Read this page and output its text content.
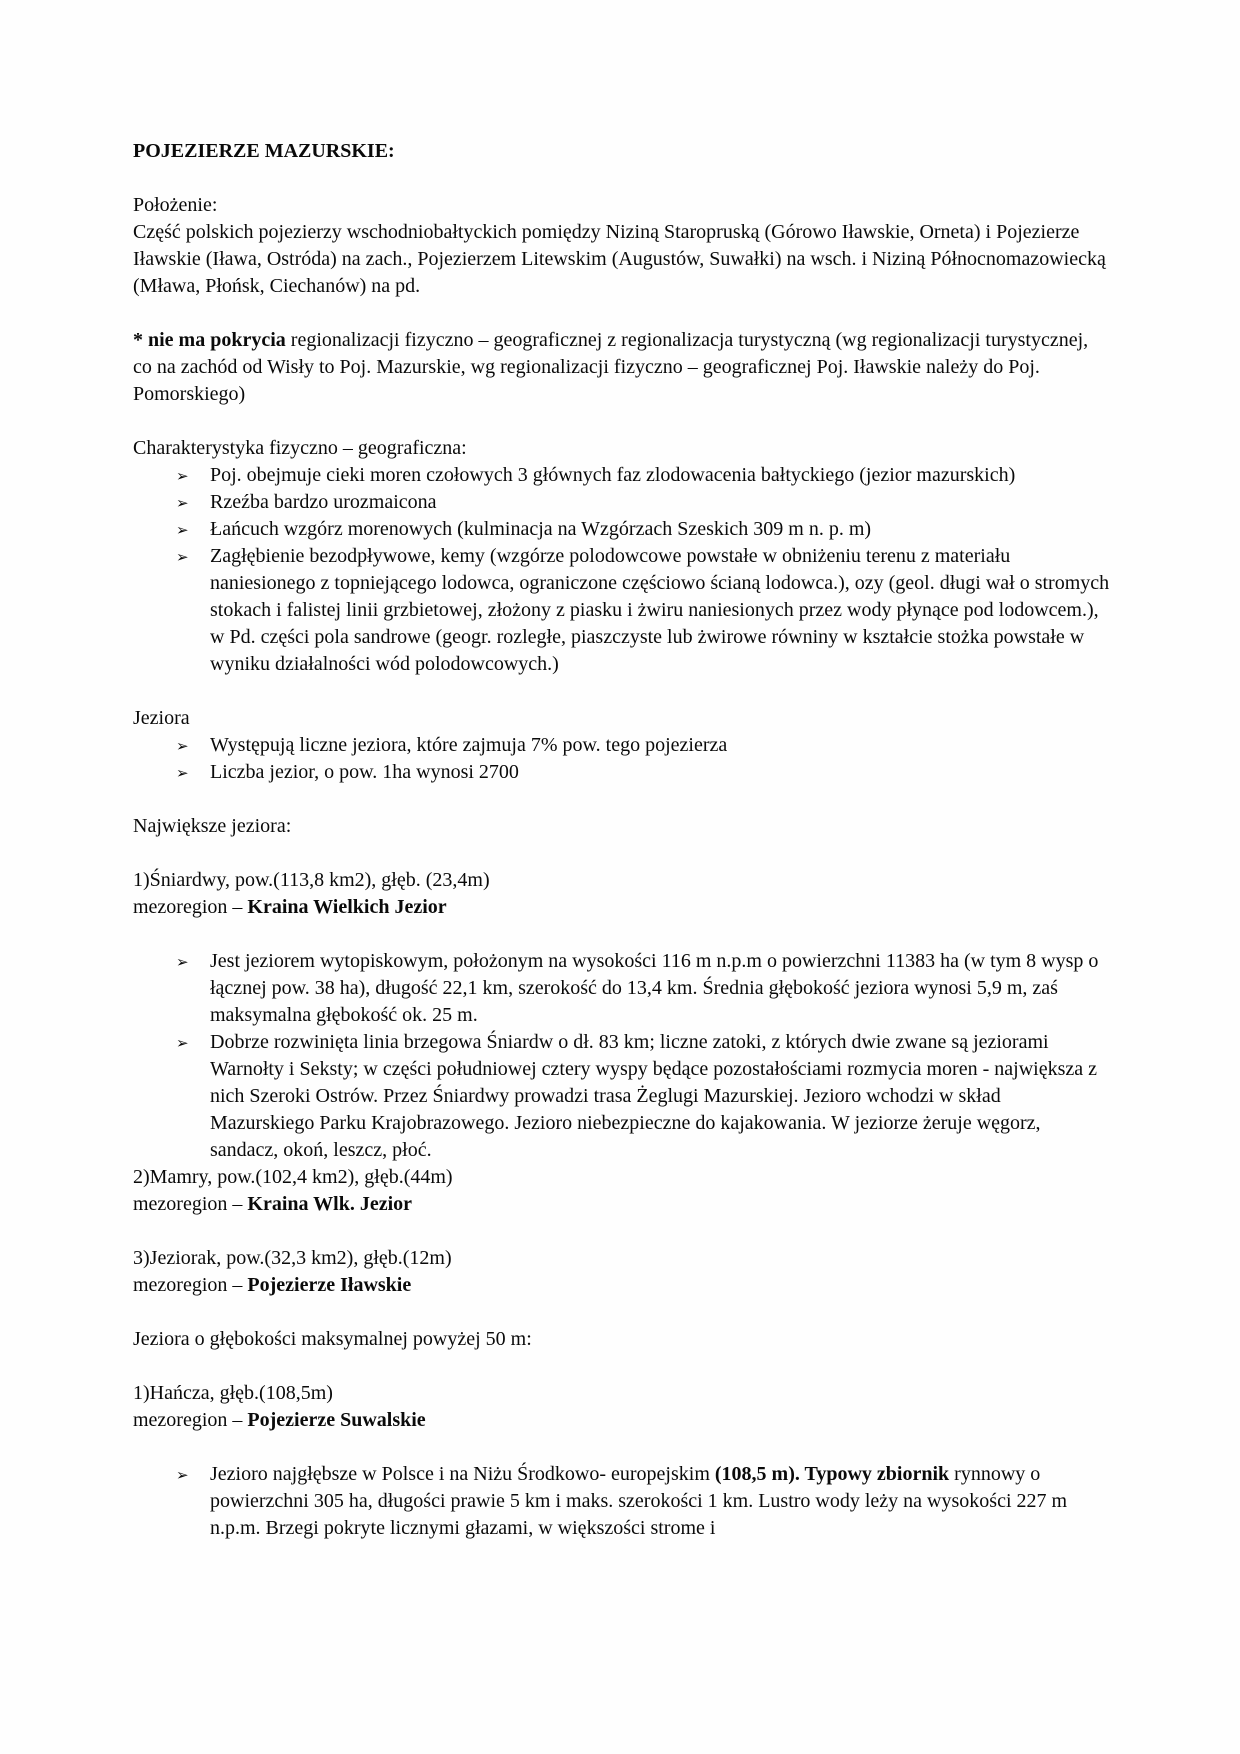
POJEZIERZE MAZURSKIE:

Położenie:

Część polskich pojezierzy wschodniobałtyckich pomiędzy Niziną Staropruską (Górowo Iławskie, Orneta) i Pojezierze Iławskie (Iława, Ostróda) na zach., Pojezierzem Litewskim (Augustów, Suwałki) na wsch. i Niziną Północnomazowiecką (Mława, Płońsk, Ciechanów) na pd.

* nie ma pokrycia regionalizacji fizyczno – geograficznej z regionalizacja turystyczną (wg regionalizacji turystycznej, co na zachód od Wisły to Poj. Mazurskie, wg regionalizacji fizyczno – geograficznej Poj. Iławskie należy do Poj. Pomorskiego)

Charakterystyka fizyczno – geograficzna:

➢ Poj. obejmuje cieki moren czołowych 3 głównych faz zlodowacenia bałtyckiego (jezior mazurskich)
➢ Rzeźba bardzo urozmaicona
➢ Łańcuch wzgórz morenowych (kulminacja na Wzgórzach Szeskich 309 m n. p. m)
➢ Zagłębienie bezodpływowe, kemy (wzgórze polodowcowe powstałe w obniżeniu terenu z materiału naniesionego z topniejącego lodowca, ograniczone częściowo ścianą lodowca.), ozy (geol. długi wał o stromych stokach i falistej linii grzbietowej, złożony z piasku i żwiru naniesionych przez wody płynące pod lodowcem.), w Pd. części pola sandrowe (geogr. rozległe, piaszczyste lub żwirowe równiny w kształcie stożka powstałe w wyniku działalności wód polodowcowych.)

Jeziora

➢ Występują liczne jeziora, które zajmuja 7% pow. tego pojezierza
➢ Liczba jezior, o pow. 1ha wynosi 2700

Największe jeziora:

1)Śniardwy, pow.(113,8 km2), głęb. (23,4m)

mezoregion – Kraina Wielkich Jezior

➢ Jest jeziorem wytopiskowym, położonym na wysokości 116 m n.p.m o powierzchni 11383 ha (w tym 8 wysp o łącznej pow. 38 ha), długość 22,1 km, szerokość do 13,4 km. Średnia głębokość jeziora wynosi 5,9 m, zaś maksymalna głębokość ok. 25 m.
➢ Dobrze rozwinięta linia brzegowa Śniardw o dł. 83 km; liczne zatoki, z których dwie zwane są jeziorami Warnołty i Seksty; w części południowej cztery wyspy będące pozostałościami rozmycia moren - największa z nich Szeroki Ostrów. Przez Śniardwy prowadzi trasa Żeglugi Mazurskiej. Jezioro wchodzi w skład Mazurskiego Parku Krajobrazowego. Jezioro niebezpieczne do kajakowania. W jeziorze żeruje węgorz, sandacz, okoń, leszcz, płoć.

2)Mamry, pow.(102,4 km2), głęb.(44m)

mezoregion – Kraina Wlk. Jezior

3)Jeziorak, pow.(32,3 km2), głęb.(12m)

mezoregion – Pojezierze Iławskie

Jeziora o głębokości maksymalnej powyżej 50 m:

1)Hańcza, głęb.(108,5m)

mezoregion – Pojezierze Suwalskie

➢ Jezioro najgłębsze w Polsce i na Niżu Środkowo- europejskim (108,5 m). Typowy zbiornik rynnowy o powierzchni 305 ha, długości prawie 5 km i maks. szerokości 1 km. Lustro wody leży na wysokości 227 m n.p.m. Brzegi pokryte licznymi głazami, w większości strome i
